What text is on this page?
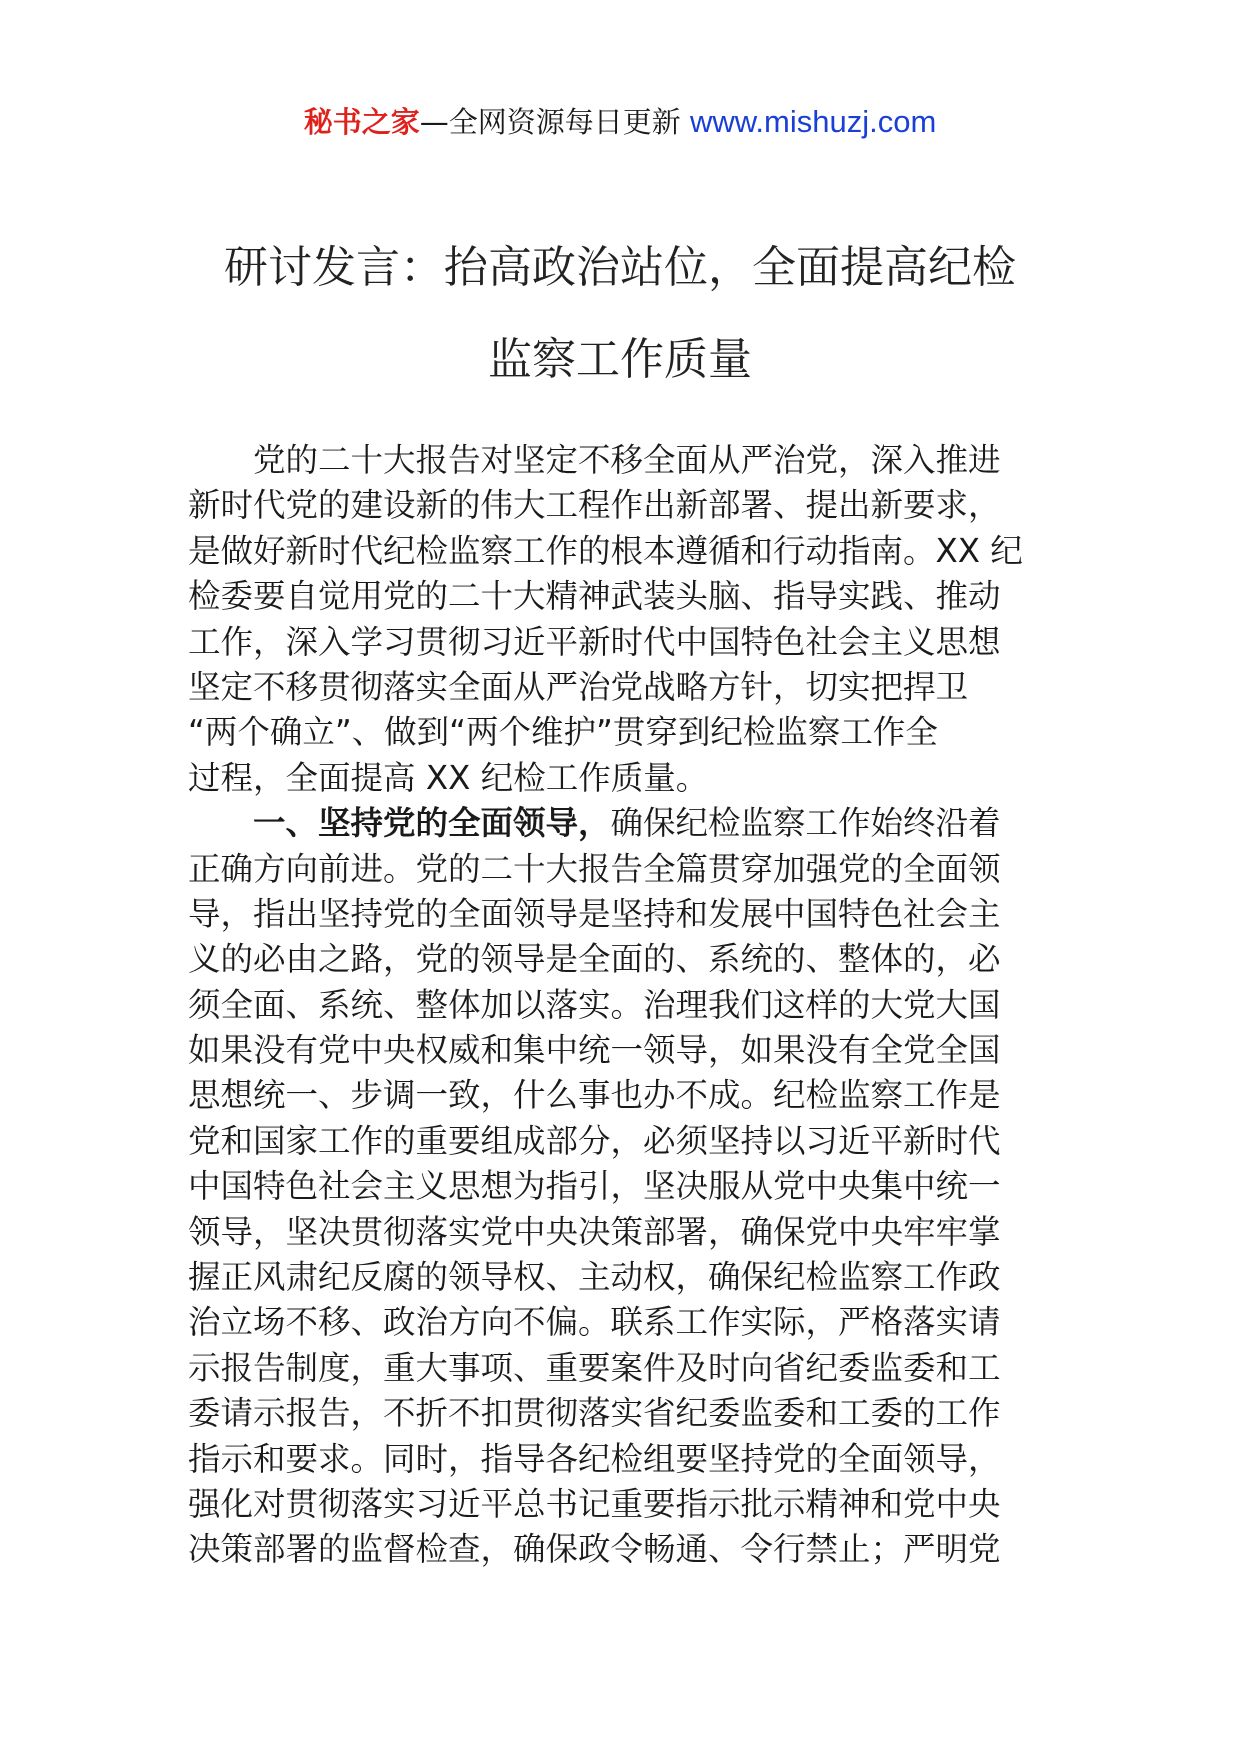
秘书之家—全网资源每日更新 www.mishuzj.com
研讨发言：抬高政治站位，全面提高纪检
监察工作质量
党的二十大报告对坚定不移全面从严治党，深入推进
新时代党的建设新的伟大工程作出新部署、提出新要求，
是做好新时代纪检监察工作的根本遵循和行动指南。XX 纪
检委要自觉用党的二十大精神武装头脑、指导实践、推动
工作，深入学习贯彻习近平新时代中国特色社会主义思想
坚定不移贯彻落实全面从严治党战略方针，切实把捍卫
“两个确立”、做到“两个维护”贯穿到纪检监察工作全
过程，全面提高 XX 纪检工作质量。
一、坚持党的全面领导，确保纪检监察工作始终沿着
正确方向前进。党的二十大报告全篇贯穿加强党的全面领
导，指出坚持党的全面领导是坚持和发展中国特色社会主
义的必由之路，党的领导是全面的、系统的、整体的，必
须全面、系统、整体加以落实。治理我们这样的大党大国
如果没有党中央权威和集中统一领导，如果没有全党全国
思想统一、步调一致，什么事也办不成。纪检监察工作是
党和国家工作的重要组成部分，必须坚持以习近平新时代
中国特色社会主义思想为指引，坚决服从党中央集中统一
领导，坚决贯彻落实党中央决策部署，确保党中央牢牢掌
握正风肃纪反腐的领导权、主动权，确保纪检监察工作政
治立场不移、政治方向不偏。联系工作实际，严格落实请
示报告制度，重大事项、重要案件及时向省纪委监委和工
委请示报告，不折不扣贯彻落实省纪委监委和工委的工作
指示和要求。同时，指导各纪检组要坚持党的全面领导，
强化对贯彻落实习近平总书记重要指示批示精神和党中央
决策部署的监督检查，确保政令畅通、令行禁止；严明党
